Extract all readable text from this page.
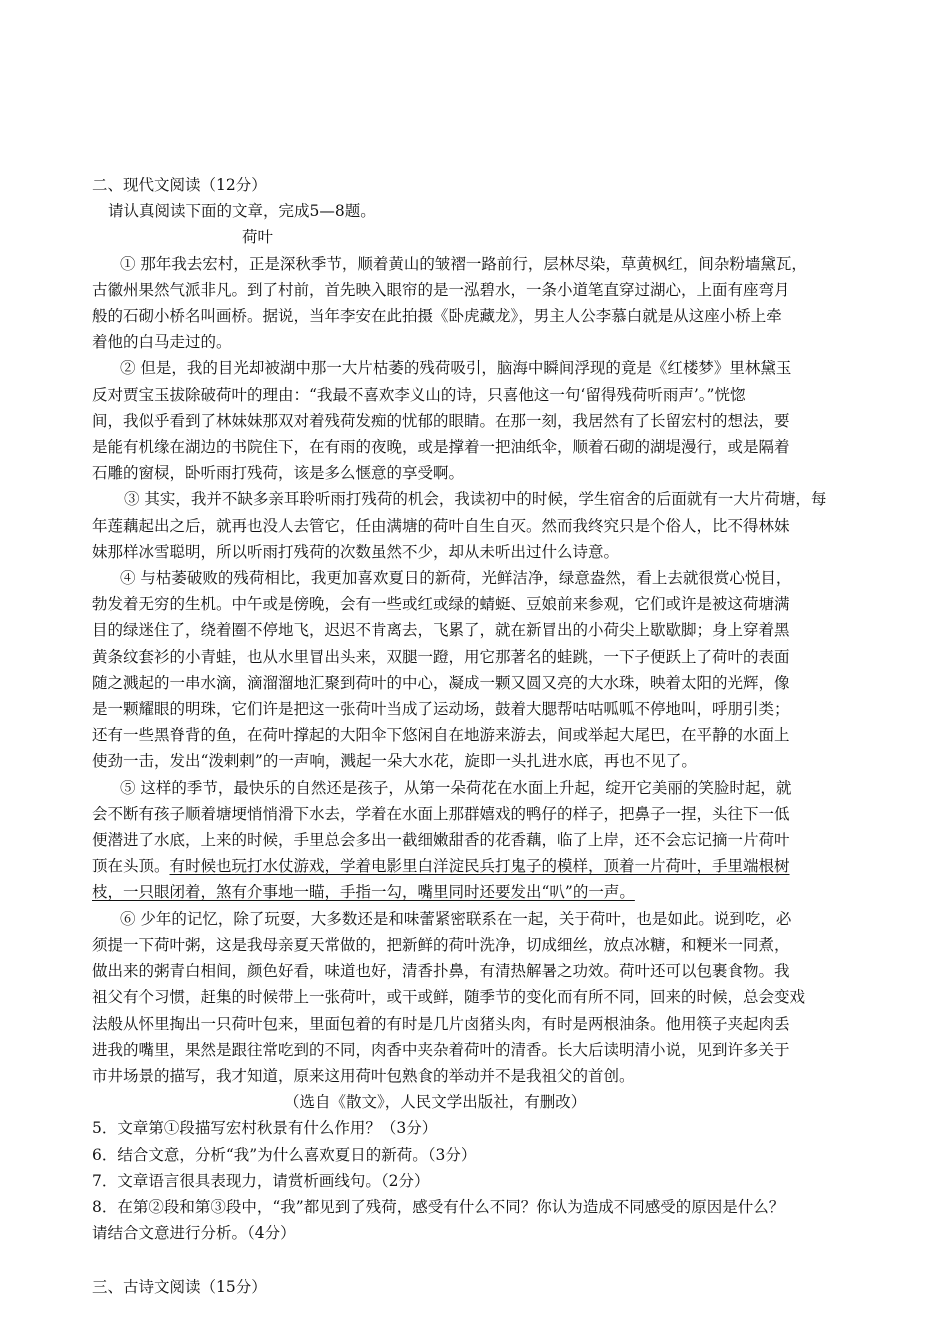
二、现代文阅读（12分）
请认真阅读下面的文章，完成5—8题。
荷叶
① 那年我去宏村，正是深秋季节，顺着黄山的皱褶一路前行，层林尽染，草黄枫红，间杂粉墙黛瓦，
古徽州果然气派非凡。到了村前，首先映入眼帘的是一泓碧水，一条小道笔直穿过湖心，上面有座弯月
般的石砌小桥名叫画桥。据说，当年李安在此拍摄《卧虎藏龙》，男主人公李慕白就是从这座小桥上牵
着他的白马走过的。
② 但是，我的目光却被湖中那一大片枯萎的残荷吸引，脑海中瞬间浮现的竟是《红楼梦》里林黛玉
反对贾宝玉拔除破荷叶的理由：“我最不喜欢李义山的诗，只喜他这一句‘留得残荷听雨声’。”恍惚
间，我似乎看到了林妹妹那双对着残荷发痴的忧郁的眼睛。在那一刻，我居然有了长留宏村的想法，要
是能有机缘在湖边的书院住下，在有雨的夜晚，或是撑着一把油纸伞，顺着石砌的湖堤漫行，或是隔着
石雕的窗棂，卧听雨打残荷，该是多么惬意的享受啊。
③ 其实，我并不缺多亲耳聆听雨打残荷的机会，我读初中的时候，学生宿舍的后面就有一大片荷塘，每
年莲藕起出之后，就再也没人去管它，任由满塘的荷叶自生自灭。然而我终究只是个俗人，比不得林妹
妹那样冰雪聪明，所以听雨打残荷的次数虽然不少，却从未听出过什么诗意。
④ 与枯萎破败的残荷相比，我更加喜欢夏日的新荷，光鲜洁净，绿意盎然，看上去就很赏心悦目，
勃发着无穷的生机。中午或是傍晚，会有一些或红或绿的蜻蜓、豆娘前来参观，它们或许是被这荷塘满
目的绿迷住了，绕着圈不停地飞，迟迟不肯离去，飞累了，就在新冒出的小荷尖上歇歇脚；身上穿着黑
黄条纹套衫的小青蛙，也从水里冒出头来，双腿一蹬，用它那著名的蛙跳，一下子便跃上了荷叶的表面
随之溅起的一串水滴，滴溜溜地汇聚到荷叶的中心，凝成一颗又圆又亮的大水珠，映着太阳的光辉，像
是一颗耀眼的明珠，它们许是把这一张荷叶当成了运动场，鼓着大腮帮咕咕呱呱不停地叫，呼朋引类；
还有一些黑脊背的鱼，在荷叶撑起的大阳伞下悠闲自在地游来游去，间或举起大尾巴，在平静的水面上
使劲一击，发出“泼剌剌”的一声响，溅起一朵大水花，旋即一头扎进水底，再也不见了。
⑤ 这样的季节，最快乐的自然还是孩子，从第一朵荷花在水面上升起，绽开它美丽的笑脸时起，就
会不断有孩子顺着塘埂悄悄滑下水去，学着在水面上那群嬉戏的鸭仔的样子，把鼻子一捏，头往下一低
便潜进了水底，上来的时候，手里总会多出一截细嫩甜香的花香藕，临了上岸，还不会忘记摘一片荷叶
顶在头顶。有时候也玩打水仗游戏，学着电影里白洋淀民兵打鬼子的模样，顶着一片荷叶，手里端根树
枝，一只眼闭着，煞有介事地一瞄，手指一勾，嘴里同时还要发出“叭”的一声。
⑥ 少年的记忆，除了玩耍，大多数还是和味蕾紧密联系在一起，关于荷叶，也是如此。说到吃，必
须提一下荷叶粥，这是我母亲夏天常做的，把新鲜的荷叶洗净，切成细丝，放点冰糖，和粳米一同煮，
做出来的粥青白相间，颜色好看，味道也好，清香扑鼻，有清热解暑之功效。荷叶还可以包裹食物。我
祖父有个习惯，赶集的时候带上一张荷叶，或干或鲜，随季节的变化而有所不同，回来的时候，总会变戏
法般从怀里掏出一只荷叶包来，里面包着的有时是几片卤猪头肉，有时是两根油条。他用筷子夹起肉丢
进我的嘴里，果然是跟往常吃到的不同，肉香中夹杂着荷叶的清香。长大后读明清小说，见到许多关于
市井场景的描写，我才知道，原来这用荷叶包熟食的举动并不是我祖父的首创。
（选自《散文》，人民文学出版社，有删改）
5．文章第①段描写宏村秋景有什么作用？（3分）
6．结合文意，分析“我”为什么喜欢夏日的新荷。（3分）
7．文章语言很具表现力，请赏析画线句。（2分）
8．在第②段和第③段中，“我”都见到了残荷，感受有什么不同？你认为造成不同感受的原因是什么？
请结合文意进行分析。（4分）
三、古诗文阅读（15分）
